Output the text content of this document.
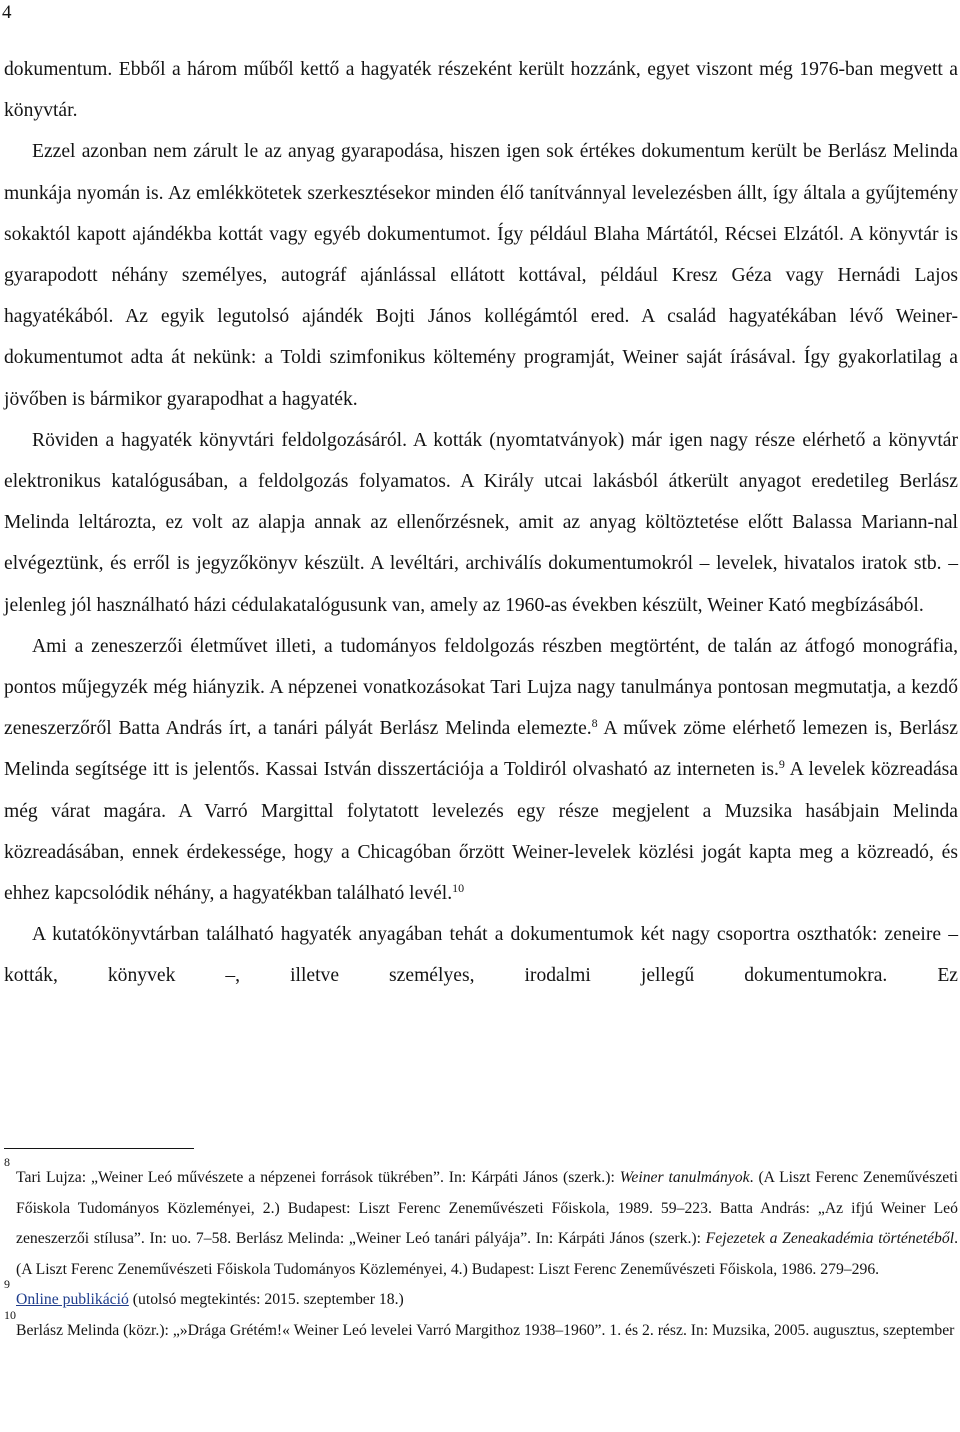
4

dokumentum. Ebből a három műből kettő a hagyaték részeként került hozzánk, egyet viszont még 1976-ban megvett a könyvtár.

Ezzel azonban nem zárult le az anyag gyarapodása, hiszen igen sok értékes dokumentum került be Berlász Melinda munkája nyomán is. Az emlékkötetek szerkesztésekor minden élő tanítvánnyal levelezésben állt, így általa a gyűjtemény sokaktól kapott ajándékba kottát vagy egyéb dokumentumot. Így például Blaha Mártától, Récsei Elzától. A könyvtár is gyarapodott néhány személyes, autográf ajánlással ellátott kottával, például Kresz Géza vagy Hernádi Lajos hagyatékából. Az egyik legutolsó ajándék Bojti János kollégámtól ered. A család hagyatékában lévő Weiner-dokumentumot adta át nekünk: a Toldi szimfonikus költemény programját, Weiner saját írásával. Így gyakorlatilag a jövőben is bármikor gyarapodhat a hagyaték.

Röviden a hagyaték könyvtári feldolgozásáról. A kották (nyomtatványok) már igen nagy része elérhető a könyvtár elektronikus katalógusában, a feldolgozás folyamatos. A Király utcai lakásból átkerült anyagot eredetileg Berlász Melinda leltározta, ez volt az alapja annak az ellenőrzésnek, amit az anyag költöztetése előtt Balassa Mariann-nal elvégeztünk, és erről is jegyzőkönyv készült. A levéltári, archiválís dokumentumokról – levelek, hivatalos iratok stb. – jelenleg jól használható házi cédulakatalógusunk van, amely az 1960-as években készült, Weiner Kató megbízásából.

Ami a zeneszerzői életművet illeti, a tudományos feldolgozás részben megtörtént, de talán az átfogó monográfia, pontos műjegyzék még hiányzik. A népzenei vonatkozásokat Tari Lujza nagy tanulmánya pontosan megmutatja, a kezdő zeneszerzőről Batta András írt, a tanári pályát Berlász Melinda elemezte.$^8$ A művek zöme elérhető lemezen is, Berlász Melinda segítsége itt is jelentős. Kassai István disszertációja a Toldiról olvasható az interneten is.$^9$ A levelek közreadása még várat magára. A Varró Margittal folytatott levelezés egy része megjelent a Muzsika hasábjain Melinda közreadásában, ennek érdekessége, hogy a Chicagóban őrzött Weiner-levelek közlési jogát kapta meg a közreadó, és ehhez kapcsolódik néhány, a hagyatékban található levél.$^{10}$

A kutatókönyvtárban található hagyaték anyagában tehát a dokumentumok két nagy csoportra oszthatók: zeneire – kották, könyvek –, illetve személyes, irodalmi jellegű dokumentumokra. Ez

8
Tari Lujza: „Weiner Leó művészete a népzenei források tükrében”. In: Kárpáti János (szerk.): Weiner tanulmányok. (A Liszt Ferenc Zeneművészeti Főiskola Tudományos Közleményei, 2.) Budapest: Liszt Ferenc Zeneművészeti Főiskola, 1989. 59–223. Batta András: „Az ifjú Weiner Leó zeneszerzői stílusa”. In: uo. 7–58. Berlász Melinda: „Weiner Leó tanári pályája”. In: Kárpáti János (szerk.): Fejezetek a Zeneakadémia történetéből. (A Liszt Ferenc Zeneművészeti Főiskola Tudományos Közleményei, 4.) Budapest: Liszt Ferenc Zeneművészeti Főiskola, 1986. 279–296.
9
Online publikáció (utolsó megtekintés: 2015. szeptember 18.)
10
Berlász Melinda (közr.): „»Drága Grétém!« Weiner Leó levelei Varró Margithoz 1938–1960”. 1. és 2. rész. In: Muzsika, 2005. augusztus, szeptember
